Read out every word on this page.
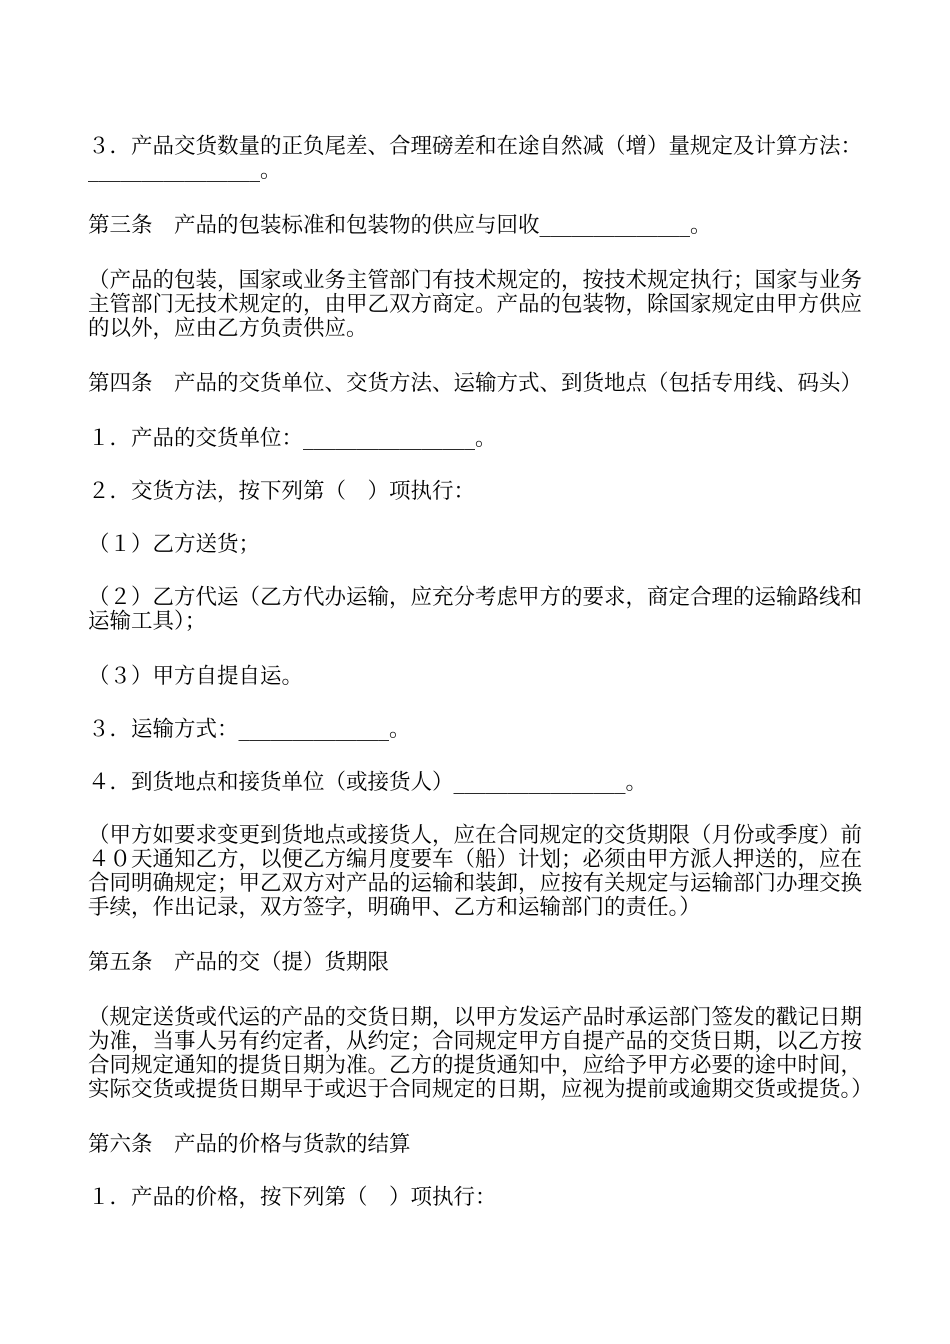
３．产品交货数量的正负尾差、合理磅差和在途自然减（增）量规定及计算方法：________________。

第三条　产品的包装标准和包装物的供应与回收______________。

（产品的包装，国家或业务主管部门有技术规定的，按技术规定执行；国家与业务主管部门无技术规定的，由甲乙双方商定。产品的包装物，除国家规定由甲方供应的以外，应由乙方负责供应。

第四条　产品的交货单位、交货方法、运输方式、到货地点（包括专用线、码头）

１．产品的交货单位：________________。

２．交货方法，按下列第（　）项执行：

（１）乙方送货；

（２）乙方代运（乙方代办运输，应充分考虑甲方的要求，商定合理的运输路线和运输工具）；

（３）甲方自提自运。

３．运输方式：______________。

４．到货地点和接货单位（或接货人）________________。

（甲方如要求变更到货地点或接货人，应在合同规定的交货期限（月份或季度）前４０天通知乙方，以便乙方编月度要车（船）计划；必须由甲方派人押送的，应在合同明确规定；甲乙双方对产品的运输和装卸，应按有关规定与运输部门办理交换手续，作出记录，双方签字，明确甲、乙方和运输部门的责任。）

第五条　产品的交（提）货期限

（规定送货或代运的产品的交货日期，以甲方发运产品时承运部门签发的戳记日期为准，当事人另有约定者，从约定；合同规定甲方自提产品的交货日期，以乙方按合同规定通知的提货日期为准。乙方的提货通知中，应给予甲方必要的途中时间，实际交货或提货日期早于或迟于合同规定的日期，应视为提前或逾期交货或提货。）

第六条　产品的价格与货款的结算

１．产品的价格，按下列第（　）项执行：
